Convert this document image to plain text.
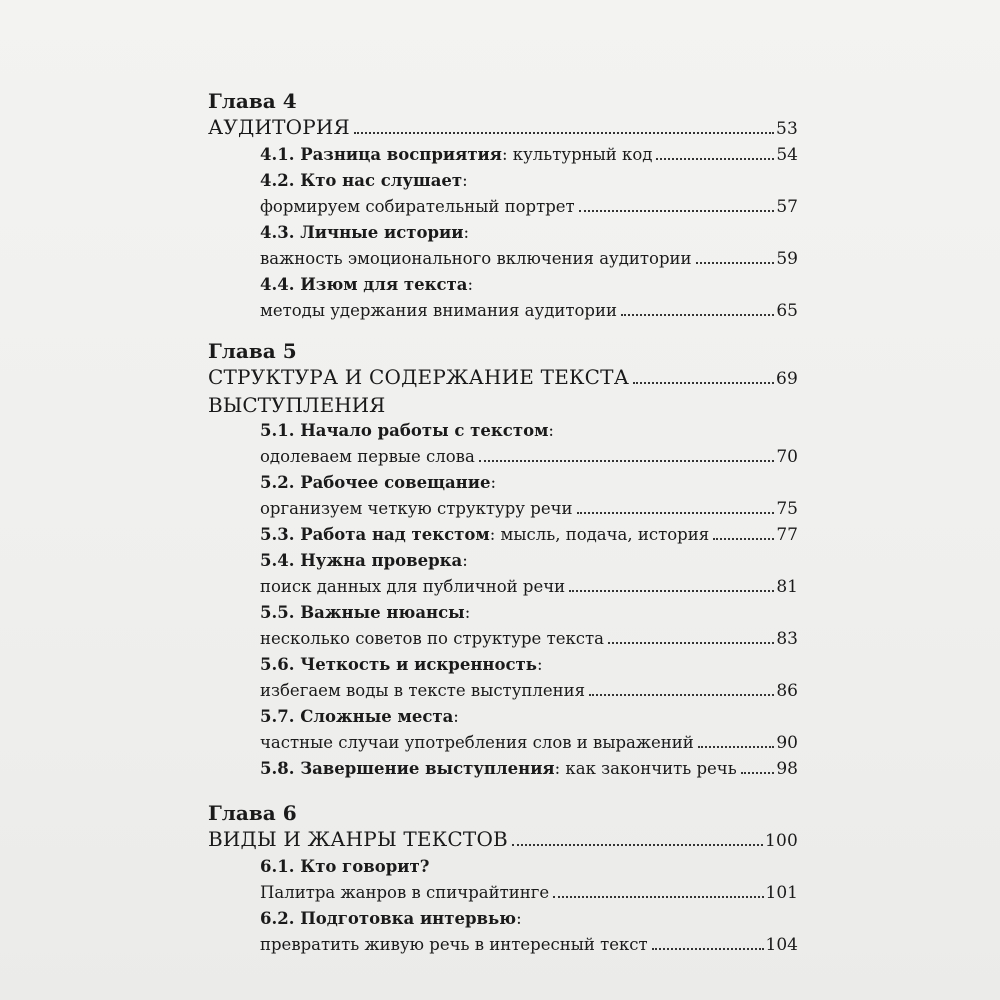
Глава 4
АУДИТОРИЯ	53
4.1. Разница восприятия: культурный код	54
4.2. Кто нас слушает:
формируем собирательный портрет	57
4.3. Личные истории:
важность эмоционального включения аудитории	59
4.4. Изюм для текста:
методы удержания внимания аудитории	65
Глава 5
СТРУКТУРА И СОДЕРЖАНИЕ ТЕКСТА	69
ВЫСТУПЛЕНИЯ
5.1. Начало работы с текстом:
одолеваем первые слова	70
5.2. Рабочее совещание:
организуем четкую структуру речи	75
5.3. Работа над текстом: мысль, подача, история	77
5.4. Нужна проверка:
поиск данных для публичной речи	81
5.5. Важные нюансы:
несколько советов по структуре текста	83
5.6. Четкость и искренность:
избегаем воды в тексте выступления	86
5.7. Сложные места:
частные случаи употребления слов и выражений	90
5.8. Завершение выступления: как закончить речь 98
Глава 6
ВИДЫ И ЖАНРЫ ТЕКСТОВ	100
6.1. Кто говорит?
Палитра жанров в спичрайтинге	101
6.2. Подготовка интервью:
превратить живую речь в интересный текст	104
